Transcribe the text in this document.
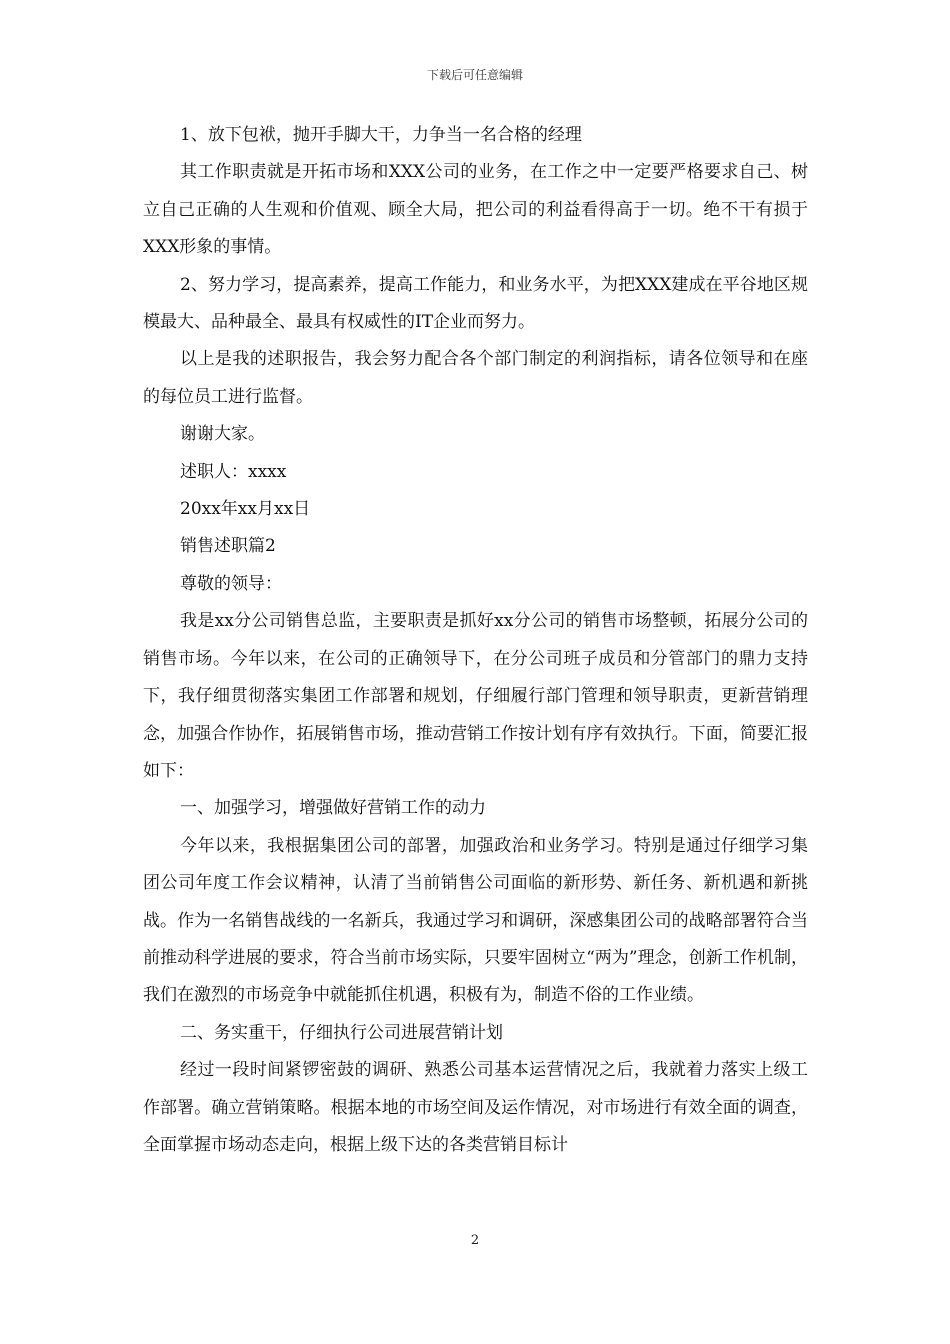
下载后可任意编辑

1、放下包袱，抛开手脚大干，力争当一名合格的经理

其工作职责就是开拓市场和XXX公司的业务，在工作之中一定要严格要求自己、树立自己正确的人生观和价值观、顾全大局，把公司的利益看得高于一切。绝不干有损于XXX形象的事情。

2、努力学习，提高素养，提高工作能力，和业务水平，为把XXX建成在平谷地区规模最大、品种最全、最具有权威性的IT企业而努力。

以上是我的述职报告，我会努力配合各个部门制定的利润指标，请各位领导和在座的每位员工进行监督。

谢谢大家。

述职人：xxxx

20xx年xx月xx日

销售述职篇2

尊敬的领导：

我是xx分公司销售总监，主要职责是抓好xx分公司的销售市场整顿，拓展分公司的销售市场。今年以来，在公司的正确领导下，在分公司班子成员和分管部门的鼎力支持下，我仔细贯彻落实集团工作部署和规划，仔细履行部门管理和领导职责，更新营销理念，加强合作协作，拓展销售市场，推动营销工作按计划有序有效执行。下面，简要汇报如下：

一、加强学习，增强做好营销工作的动力

今年以来，我根据集团公司的部署，加强政治和业务学习。特别是通过仔细学习集团公司年度工作会议精神，认清了当前销售公司面临的新形势、新任务、新机遇和新挑战。作为一名销售战线的一名新兵，我通过学习和调研，深感集团公司的战略部署符合当前推动科学进展的要求，符合当前市场实际，只要牢固树立“两为”理念，创新工作机制，我们在激烈的市场竞争中就能抓住机遇，积极有为，制造不俗的工作业绩。

二、务实重干，仔细执行公司进展营销计划

经过一段时间紧锣密鼓的调研、熟悉公司基本运营情况之后，我就着力落实上级工作部署。确立营销策略。根据本地的市场空间及运作情况，对市场进行有效全面的调查，全面掌握市场动态走向，根据上级下达的各类营销目标计

2
